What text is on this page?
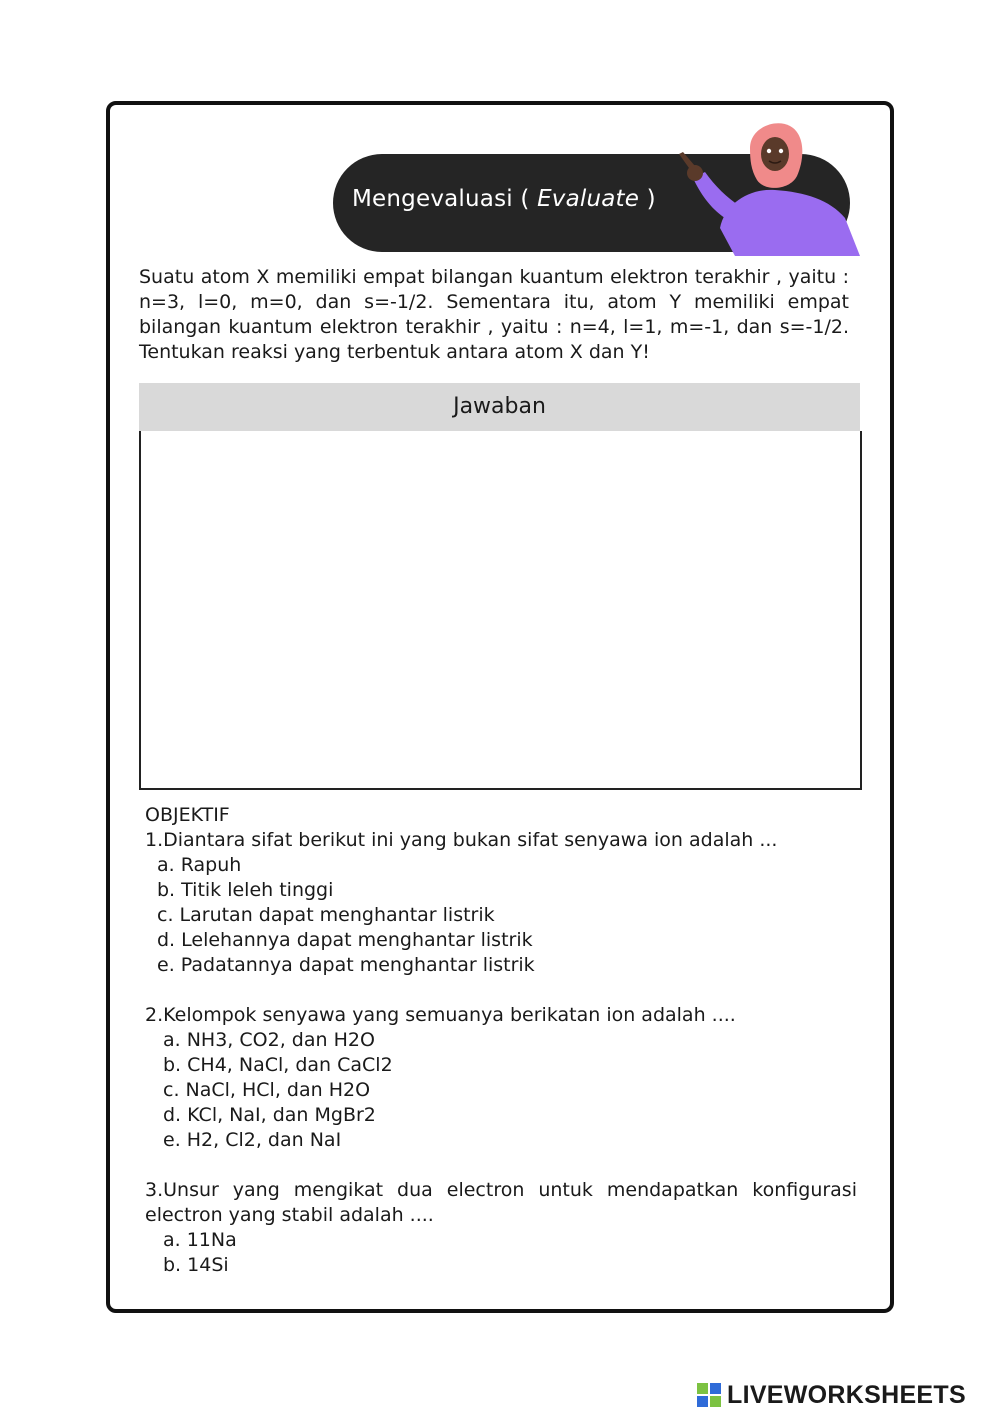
Mengevaluasi ( Evaluate )
Suatu atom X memiliki empat bilangan kuantum elektron terakhir , yaitu : n=3, l=0, m=0, dan s=-1/2. Sementara itu, atom Y memiliki empat bilangan kuantum elektron terakhir , yaitu : n=4, l=1, m=-1, dan s=-1/2. Tentukan reaksi yang terbentuk antara atom X dan Y!
Jawaban

OBJEKTIF

1.Diantara sifat berikut ini yang bukan sifat senyawa ion adalah ...

a. Rapuh

b. Titik leleh tinggi

c. Larutan dapat menghantar listrik

d. Lelehannya dapat menghantar listrik

e. Padatannya dapat menghantar listrik

2.Kelompok senyawa yang semuanya berikatan ion adalah ....

a. NH3, CO2, dan H2O

b. CH4, NaCl, dan CaCl2

c. NaCl, HCl, dan H2O

d. KCl, NaI, dan MgBr2

e. H2, Cl2, dan NaI

3.Unsur yang mengikat dua electron untuk mendapatkan konfigurasi electron yang stabil adalah ....

a. 11Na

b. 14Si

LIVEWORKSHEETS
